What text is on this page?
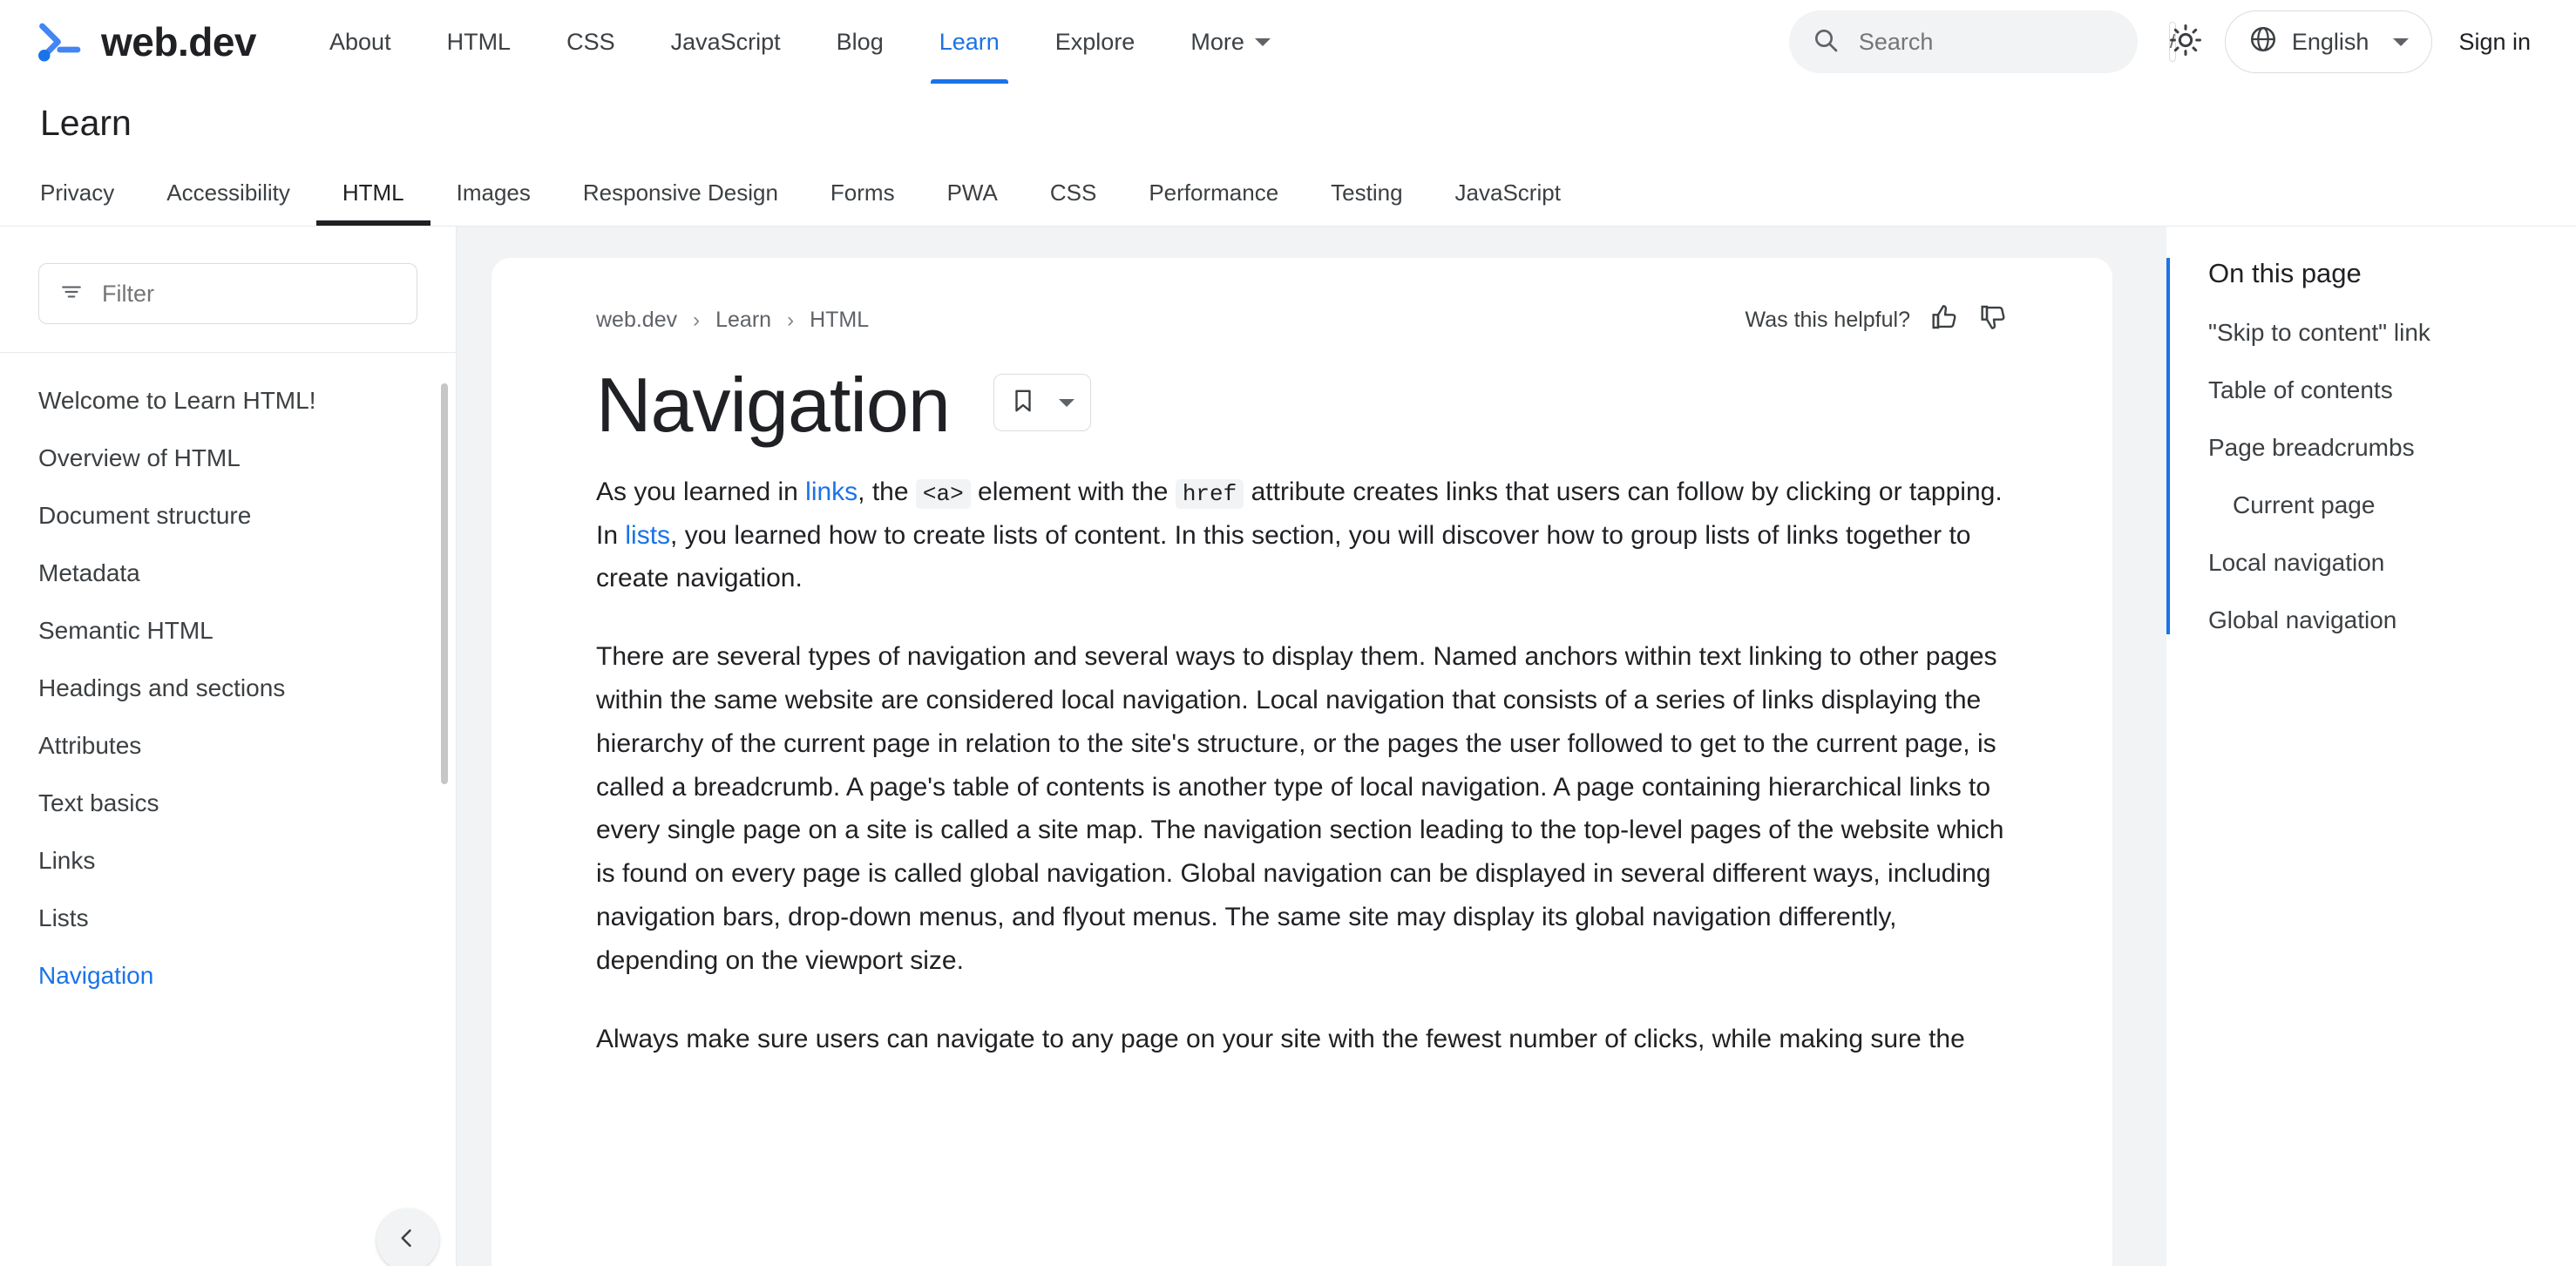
web.dev	About	HTML	CSS	JavaScript	Blog	Learn	Explore	More
Search	/	English	Sign in
Learn
Privacy	Accessibility	HTML	Images	Responsive Design	Forms	PWA	CSS	Performance	Testing	JavaScript
Filter
Welcome to Learn HTML!
Overview of HTML
Document structure
Metadata
Semantic HTML
Headings and sections
Attributes
Text basics
Links
Lists
Navigation
web.dev › Learn › HTML	Was this helpful?
Navigation

As you learned in links, the <a> element with the href attribute creates links that users can follow by clicking or tapping. In lists, you learned how to create lists of content. In this section, you will discover how to group lists of links together to create navigation.

There are several types of navigation and several ways to display them. Named anchors within text linking to other pages within the same website are considered local navigation. Local navigation that consists of a series of links displaying the hierarchy of the current page in relation to the site's structure, or the pages the user followed to get to the current page, is called a breadcrumb. A page's table of contents is another type of local navigation. A page containing hierarchical links to every single page on a site is called a site map. The navigation section leading to the top-level pages of the website which is found on every page is called global navigation. Global navigation can be displayed in several different ways, including navigation bars, drop-down menus, and flyout menus. The same site may display its global navigation differently, depending on the viewport size.

Always make sure users can navigate to any page on your site with the fewest number of clicks, while making sure the

On this page
"Skip to content" link
Table of contents
Page breadcrumbs
Current page
Local navigation
Global navigation
